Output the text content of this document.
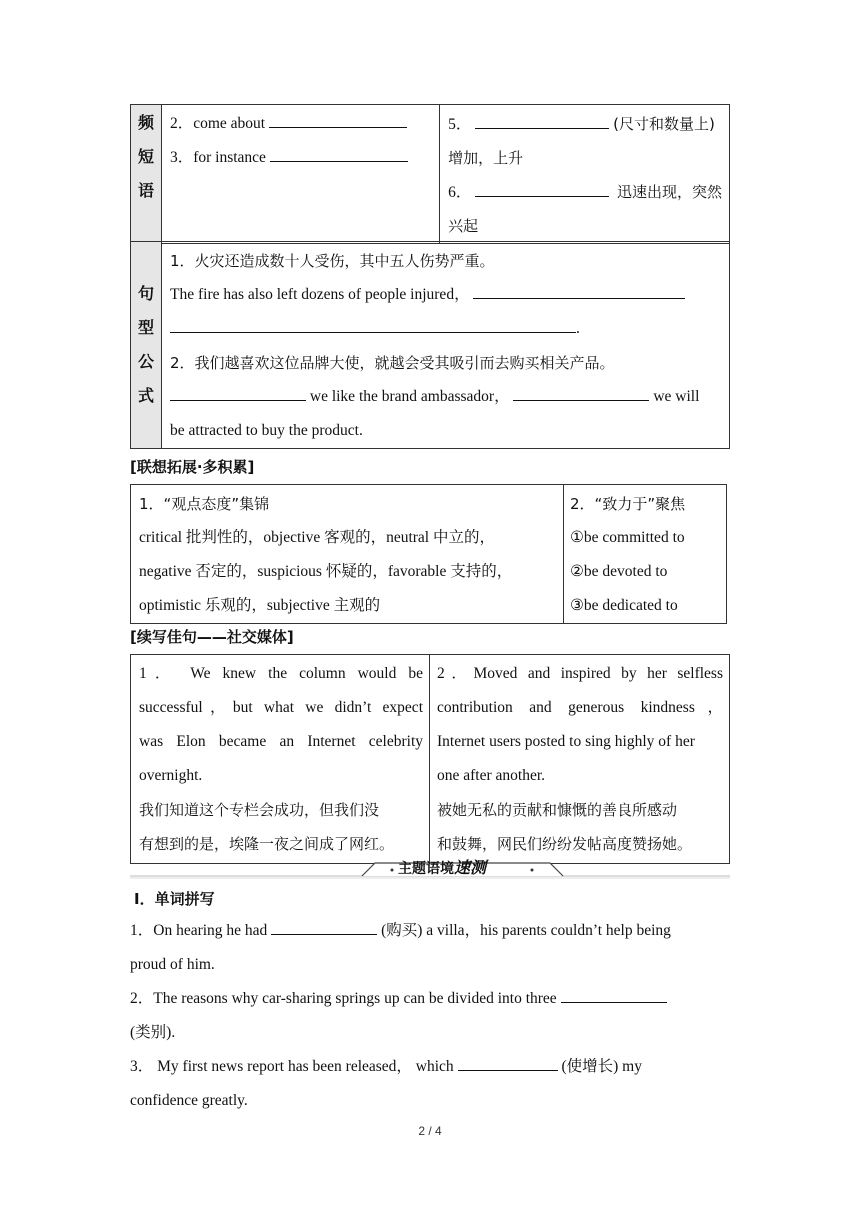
频
短
语

2．come about
3．for instance

5．	(尺寸和数量上)
增加，上升
6．	迅速出现，突然
兴起
句
型
公
式

1．火灾还造成数十人受伤，其中五人伤势严重。
The fire has also left dozens of people injured，
.
2．我们越喜欢这位品牌大使，就越会受其吸引而去购买相关产品。
we like the brand ambassador，	we will
be attracted to buy the product.
[联想拓展·多积累]
1．“观点态度”集锦
critical 批判性的，objective 客观的，neutral 中立的，
negative 否定的，suspicious 怀疑的，favorable 支持的，
optimistic 乐观的，subjective 主观的

2．“致力于”聚焦
①be committed to
②be devoted to
③be dedicated to
[续写佳句——社交媒体]
1． We knew the column would be
successful，but what we didn’t expect
was Elon became an Internet celebrity
overnight.
我们知道这个专栏会成功，但我们没
有想到的是，埃隆一夜之间成了网红。

2．Moved and inspired by her selfless
contribution and generous kindness，
Internet users posted to sing highly of her
one after another.
被她无私的贡献和慷慨的善良所感动
和鼓舞，网民们纷纷发帖高度赞扬她。
主题语境速测
Ⅰ．单词拼写
1．On hearing he had	(购买) a villa，his parents couldn’t help being
proud of him.
2．The reasons why car-sharing springs up can be divided into three
(类别).
3． My first news report has been released， which	(使增长) my
confidence greatly.
2 / 4
